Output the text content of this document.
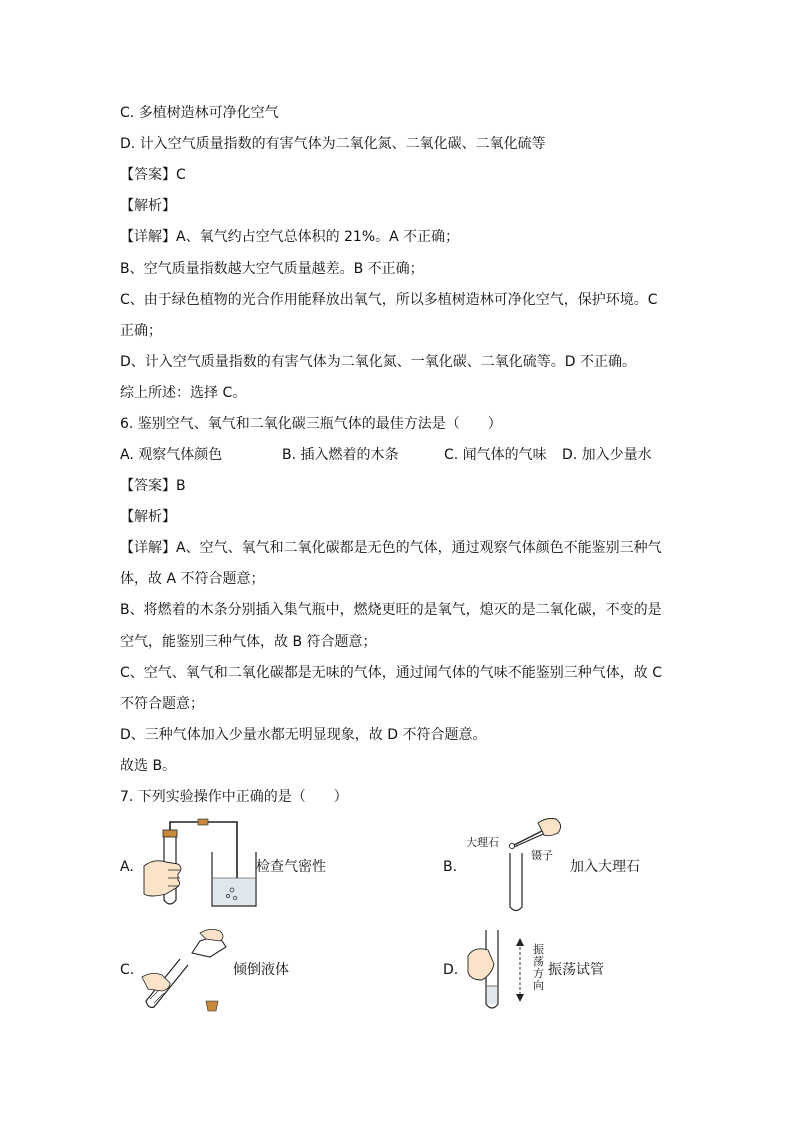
C. 多植树造林可净化空气
D. 计入空气质量指数的有害气体为二氧化氮、二氧化碳、二氧化硫等
【答案】C
【解析】
【详解】A、氧气约占空气总体积的 21%。A 不正确；
B、空气质量指数越大空气质量越差。B 不正确；
C、由于绿色植物的光合作用能释放出氧气，所以多植树造林可净化空气，保护环境。C
正确；
D、计入空气质量指数的有害气体为二氧化氮、一氧化碳、二氧化硫等。D 不正确。
综上所述：选择 C。
6. 鉴别空气、氧气和二氧化碳三瓶气体的最佳方法是（　　）
A. 观察气体颜色	B. 插入燃着的木条	C. 闻气体的气味 D. 加入少量水
【答案】B
【解析】
【详解】A、空气、氧气和二氧化碳都是无色的气体，通过观察气体颜色不能鉴别三种气
体，故 A 不符合题意；
B、将燃着的木条分别插入集气瓶中，燃烧更旺的是氧气，熄灭的是二氧化碳，不变的是
空气，能鉴别三种气体，故 B 符合题意；
C、空气、氧气和二氧化碳都是无味的气体，通过闻气体的气味不能鉴别三种气体，故 C
不符合题意；
D、三种气体加入少量水都无明显现象，故 D 不符合题意。
故选 B。
7. 下列实验操作中正确的是（　　）
A.	检查气密性	B.
大理石
镊子
加入大理石
C.	倾倒液体	D.
振荡方向
振荡试管
